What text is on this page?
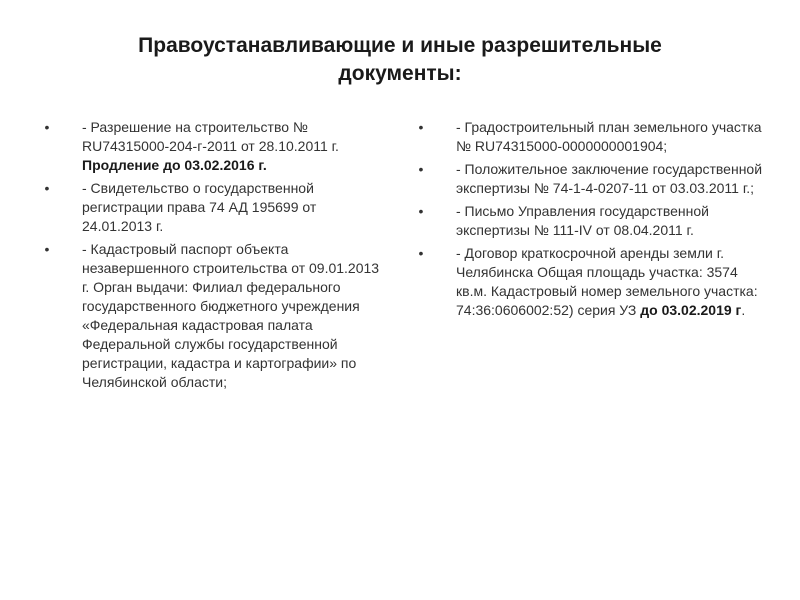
Правоустанавливающие и иные разрешительные
документы:
•	- Разрешение на строительство № RU74315000-204-г-2011 от 28.10.2011 г. Продление до 03.02.2016 г.
•	- Свидетельство о государственной регистрации права 74 АД 195699 от 24.01.2013 г.
•	- Кадастровый паспорт объекта незавершенного строительства от 09.01.2013 г. Орган выдачи: Филиал федерального государственного бюджетного учреждения «Федеральная кадастровая палата Федеральной службы государственной регистрации, кадастра и картографии» по Челябинской области;
•	- Градостроительный план земельного участка № RU74315000-0000000001904;
•	- Положительное заключение государственной экспертизы № 74-1-4-0207-11 от 03.03.2011 г.;
•	- Письмо Управления государственной экспертизы № 111-IV от 08.04.2011 г.
•	- Договор краткосрочной аренды земли г. Челябинска Общая площадь участка: 3574 кв.м. Кадастровый номер земельного участка: 74:36:0606002:52) серия УЗ до 03.02.2019 г.
